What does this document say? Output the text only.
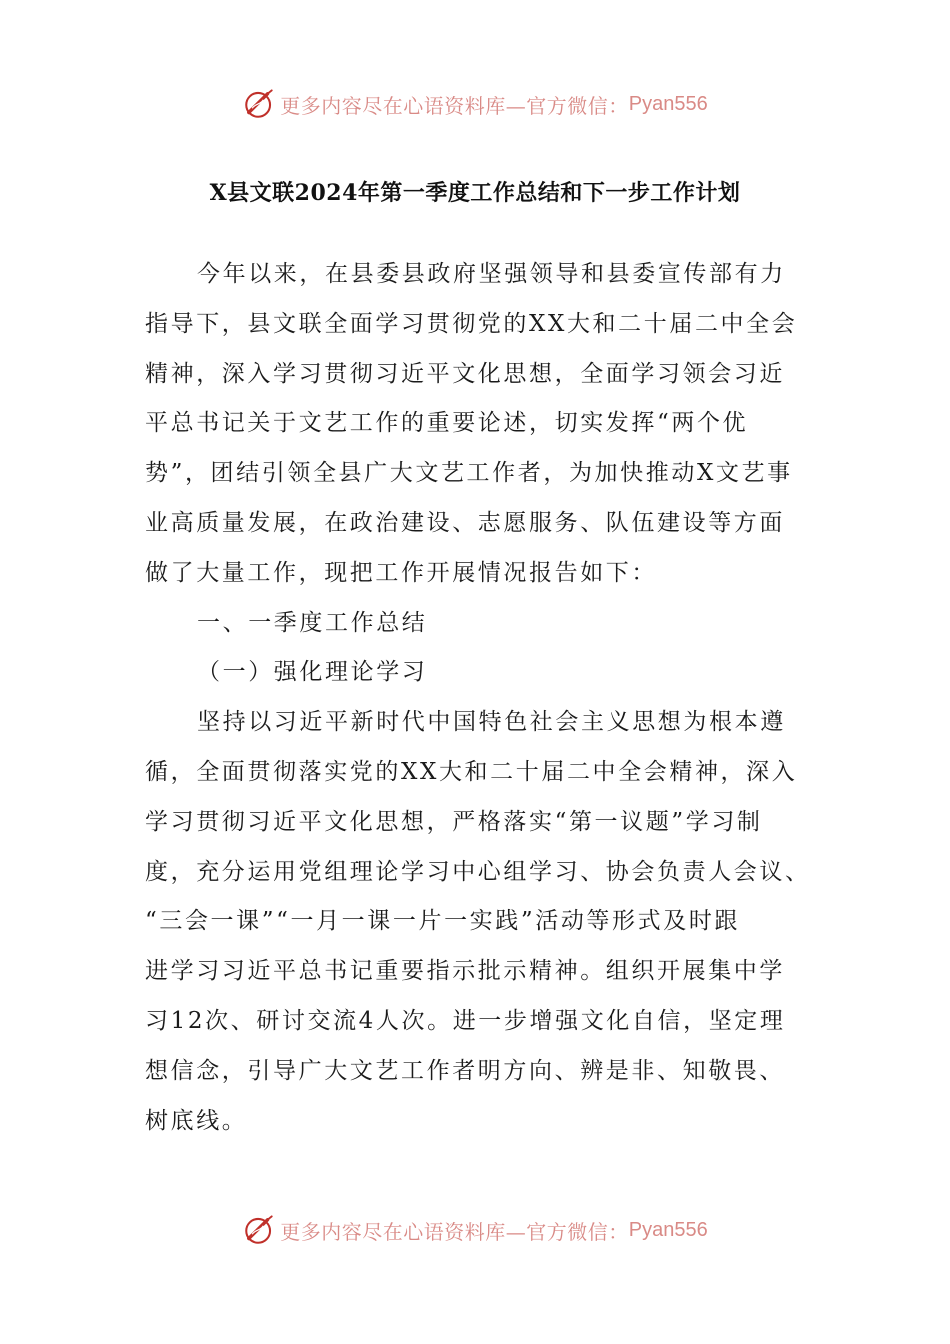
更多内容尽在心语资料库—官方微信： Pyan556
X县文联2024年第一季度工作总结和下一步工作计划
今年以来，在县委县政府坚强领导和县委宣传部有力
指导下，县文联全面学习贯彻党的XX大和二十届二中全会
精神，深入学习贯彻习近平文化思想，全面学习领会习近
平总书记关于文艺工作的重要论述，切实发挥“两个优
势”，团结引领全县广大文艺工作者，为加快推动X文艺事
业高质量发展，在政治建设、志愿服务、队伍建设等方面
做了大量工作，现把工作开展情况报告如下：
一、一季度工作总结
（一）强化理论学习
坚持以习近平新时代中国特色社会主义思想为根本遵
循，全面贯彻落实党的XX大和二十届二中全会精神，深入
学习贯彻习近平文化思想，严格落实“第一议题”学习制
度，充分运用党组理论学习中心组学习、协会负责人会议、
“三会一课”“一月一课一片一实践”活动等形式及时跟
进学习习近平总书记重要指示批示精神。组织开展集中学
习12次、研讨交流4人次。进一步增强文化自信，坚定理
想信念，引导广大文艺工作者明方向、辨是非、知敬畏、
树底线。
更多内容尽在心语资料库—官方微信： Pyan556
